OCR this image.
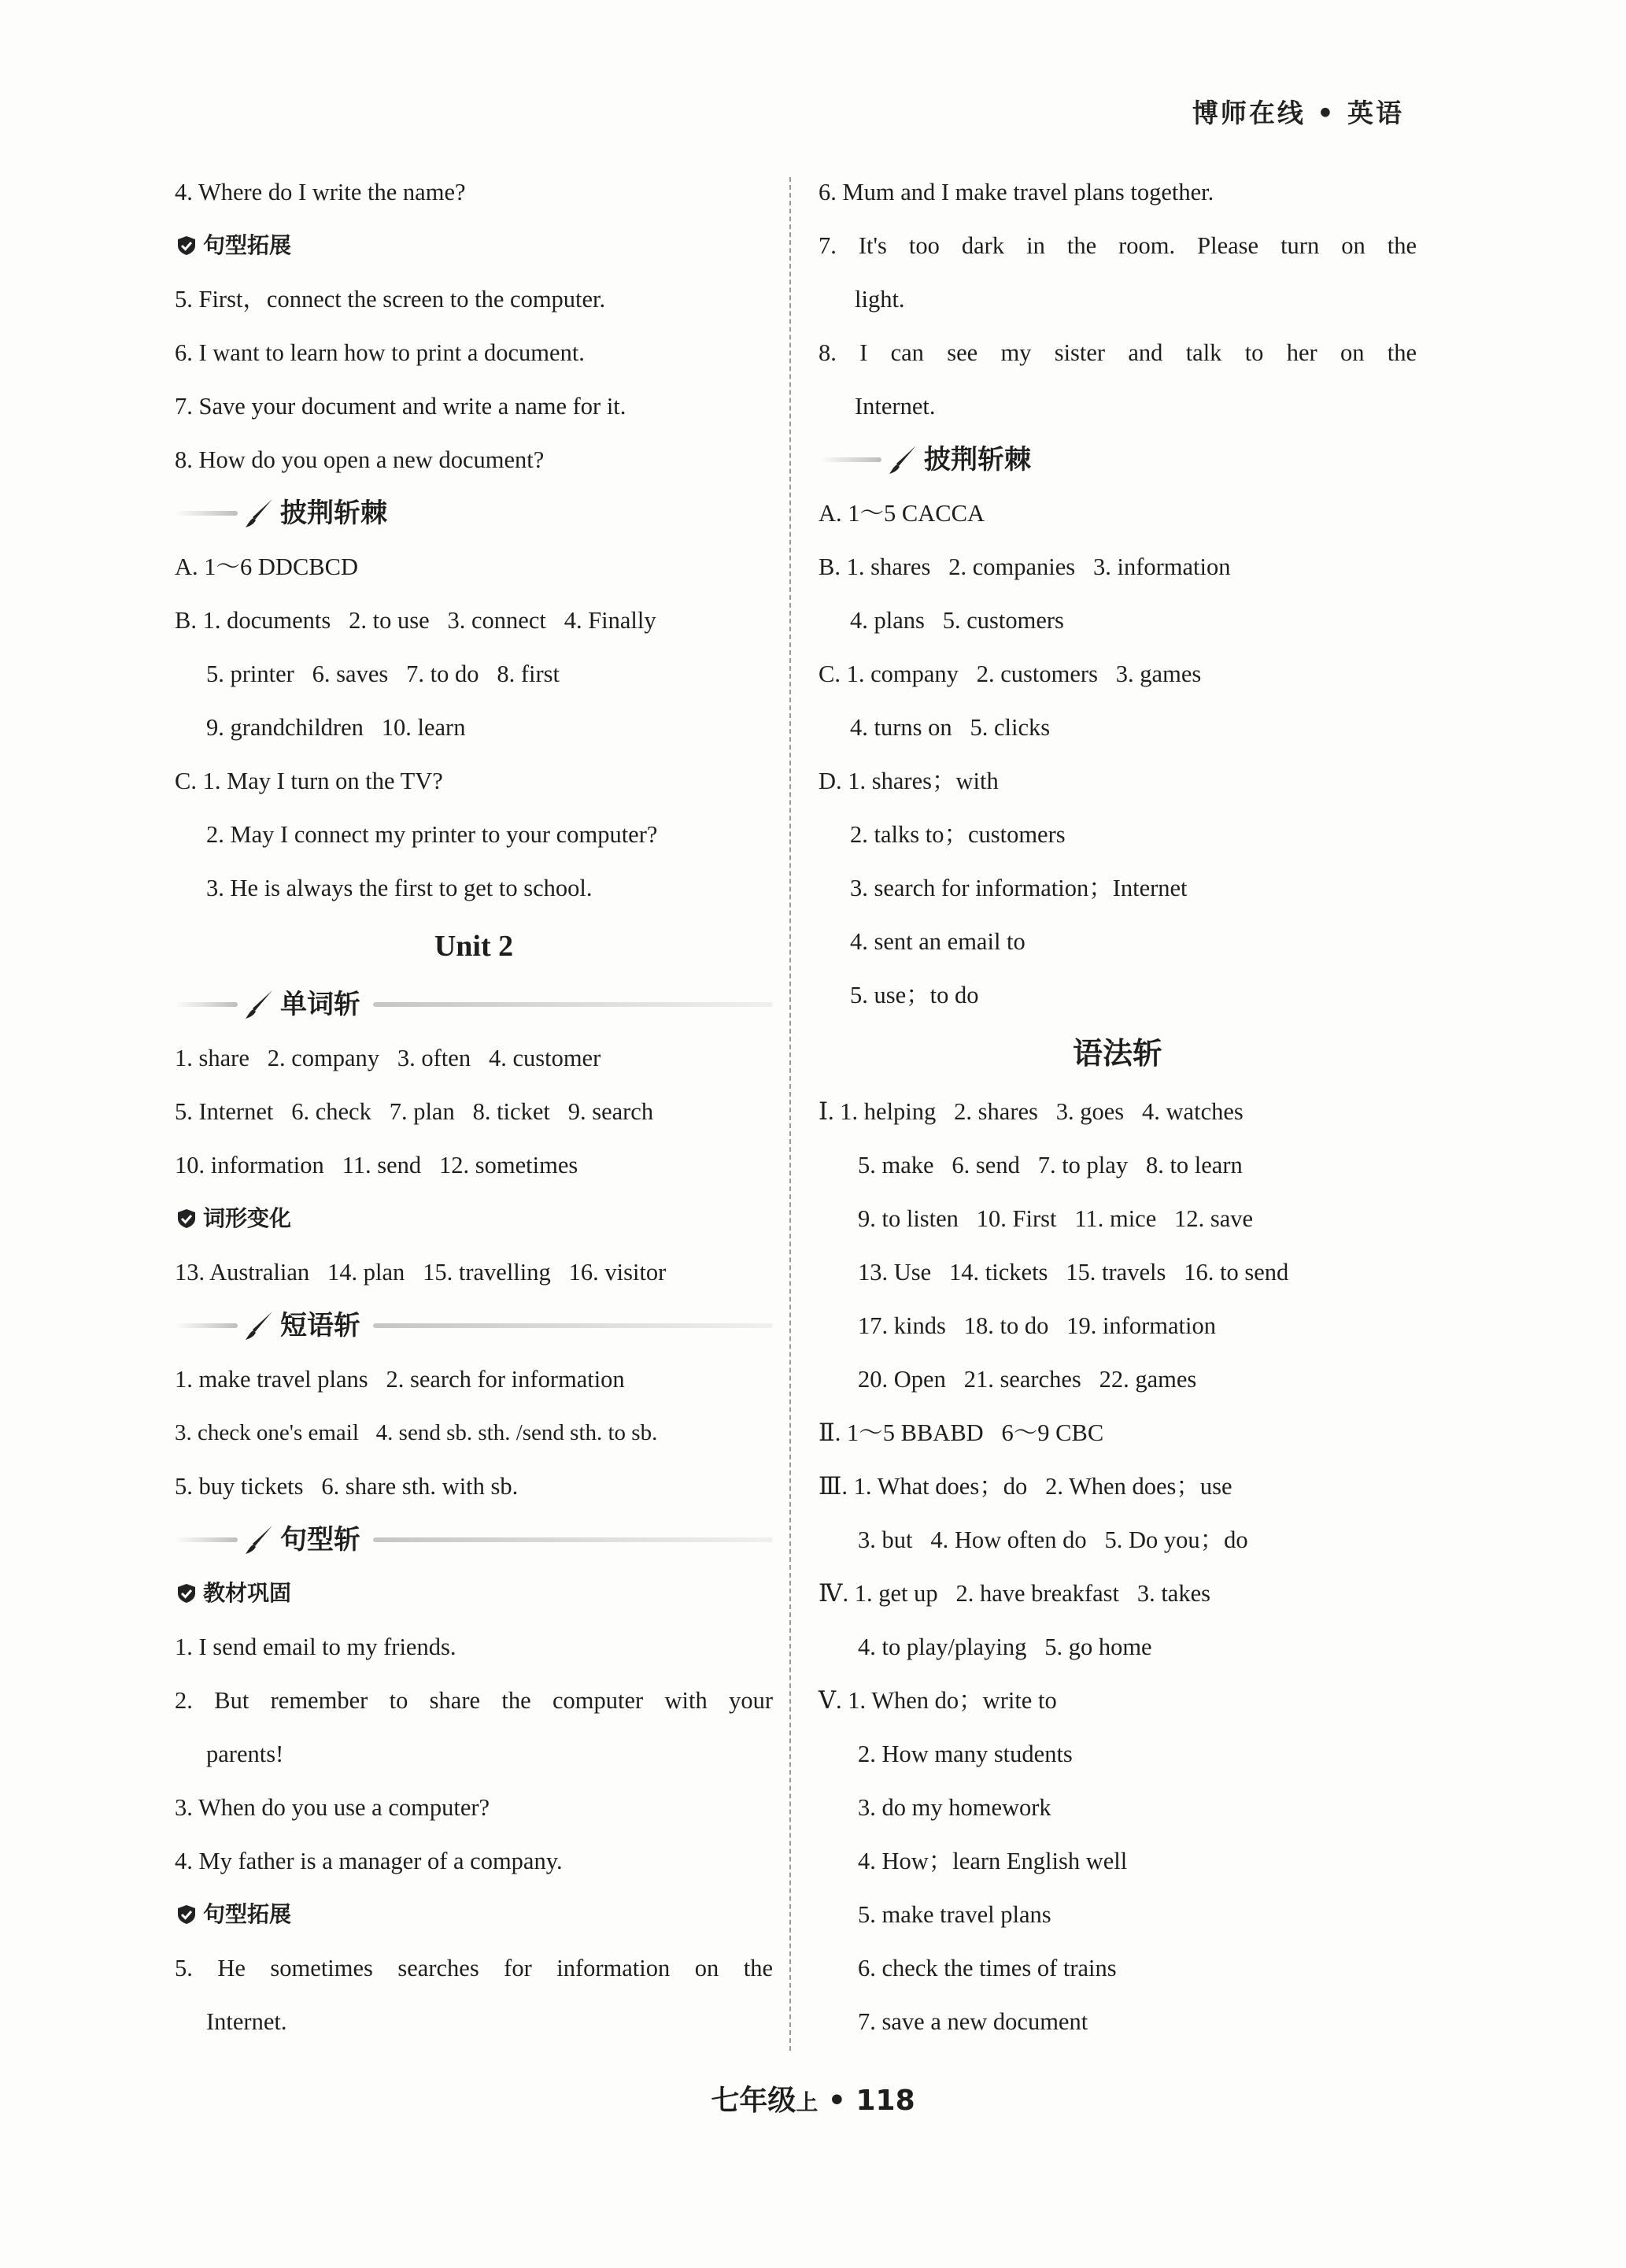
博师在线 • 英语
4. Where do I write the name?
句型拓展
5. First，connect the screen to the computer.
6. I want to learn how to print a document.
7. Save your document and write a name for it.
8. How do you open a new document?
披荆斩棘
A. 1～6 DDCBCD
B. 1. documents   2. to use   3. connect   4. Finally
5. printer   6. saves   7. to do   8. first
9. grandchildren   10. learn
C. 1. May I turn on the TV?
2. May I connect my printer to your computer?
3. He is always the first to get to school.
Unit 2
单词斩
1. share   2. company   3. often   4. customer
5. Internet   6. check   7. plan   8. ticket   9. search
10. information   11. send   12. sometimes
词形变化
13. Australian   14. plan   15. travelling   16. visitor
短语斩
1. make travel plans   2. search for information
3. check one's email   4. send sb. sth. /send sth. to sb.
5. buy tickets   6. share sth. with sb.
句型斩
教材巩固
1. I send email to my friends.
2. But remember to share the computer with your
parents!
3. When do you use a computer?
4. My father is a manager of a company.
句型拓展
5. He sometimes searches for information on the
Internet.
6. Mum and I make travel plans together.
7. It's too dark in the room. Please turn on the
light.
8. I can see my sister and talk to her on the
Internet.
披荆斩棘
A. 1～5 CACCA
B. 1. shares   2. companies   3. information
4. plans   5. customers
C. 1. company   2. customers   3. games
4. turns on   5. clicks
D. 1. shares；with
2. talks to；customers
3. search for information；Internet
4. sent an email to
5. use；to do
语法斩
Ⅰ. 1. helping   2. shares   3. goes   4. watches
5. make   6. send   7. to play   8. to learn
9. to listen   10. First   11. mice   12. save
13. Use   14. tickets   15. travels   16. to send
17. kinds   18. to do   19. information
20. Open   21. searches   22. games
Ⅱ. 1～5 BBABD   6～9 CBC
Ⅲ. 1. What does；do   2. When does；use
3. but   4. How often do   5. Do you；do
Ⅳ. 1. get up   2. have breakfast   3. takes
4. to play/playing   5. go home
Ⅴ. 1. When do；write to
2. How many students
3. do my homework
4. How；learn English well
5. make travel plans
6. check the times of trains
7. save a new document
七年级上 • 118
